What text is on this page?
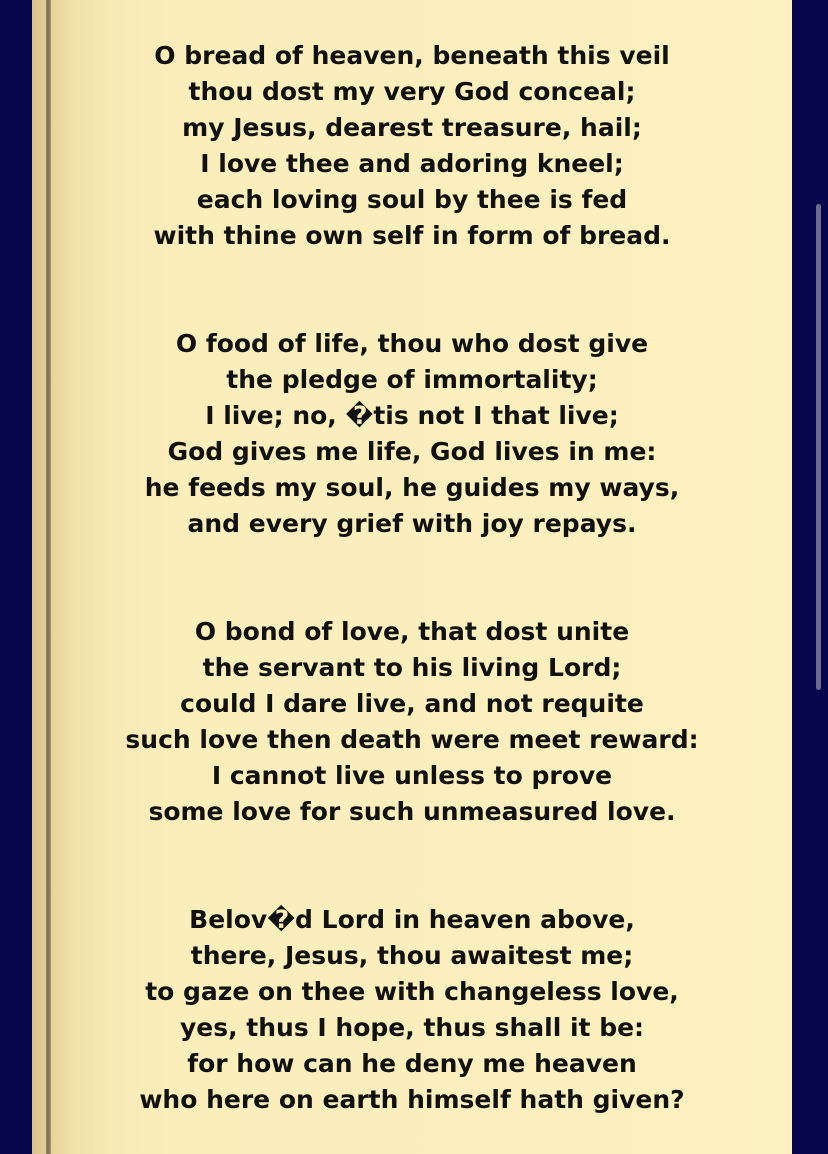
O bread of heaven, beneath this veil
thou dost my very God conceal;
my Jesus, dearest treasure, hail;
I love thee and adoring kneel;
each loving soul by thee is fed
with thine own self in form of bread.

O food of life, thou who dost give
the pledge of immortality;
I live; no, �tis not I that live;
God gives me life, God lives in me:
he feeds my soul, he guides my ways,
and every grief with joy repays.

O bond of love, that dost unite
the servant to his living Lord;
could I dare live, and not requite
such love then death were meet reward:
I cannot live unless to prove
some love for such unmeasured love.

Belov�d Lord in heaven above,
there, Jesus, thou awaitest me;
to gaze on thee with changeless love,
yes, thus I hope, thus shall it be:
for how can he deny me heaven
who here on earth himself hath given?
